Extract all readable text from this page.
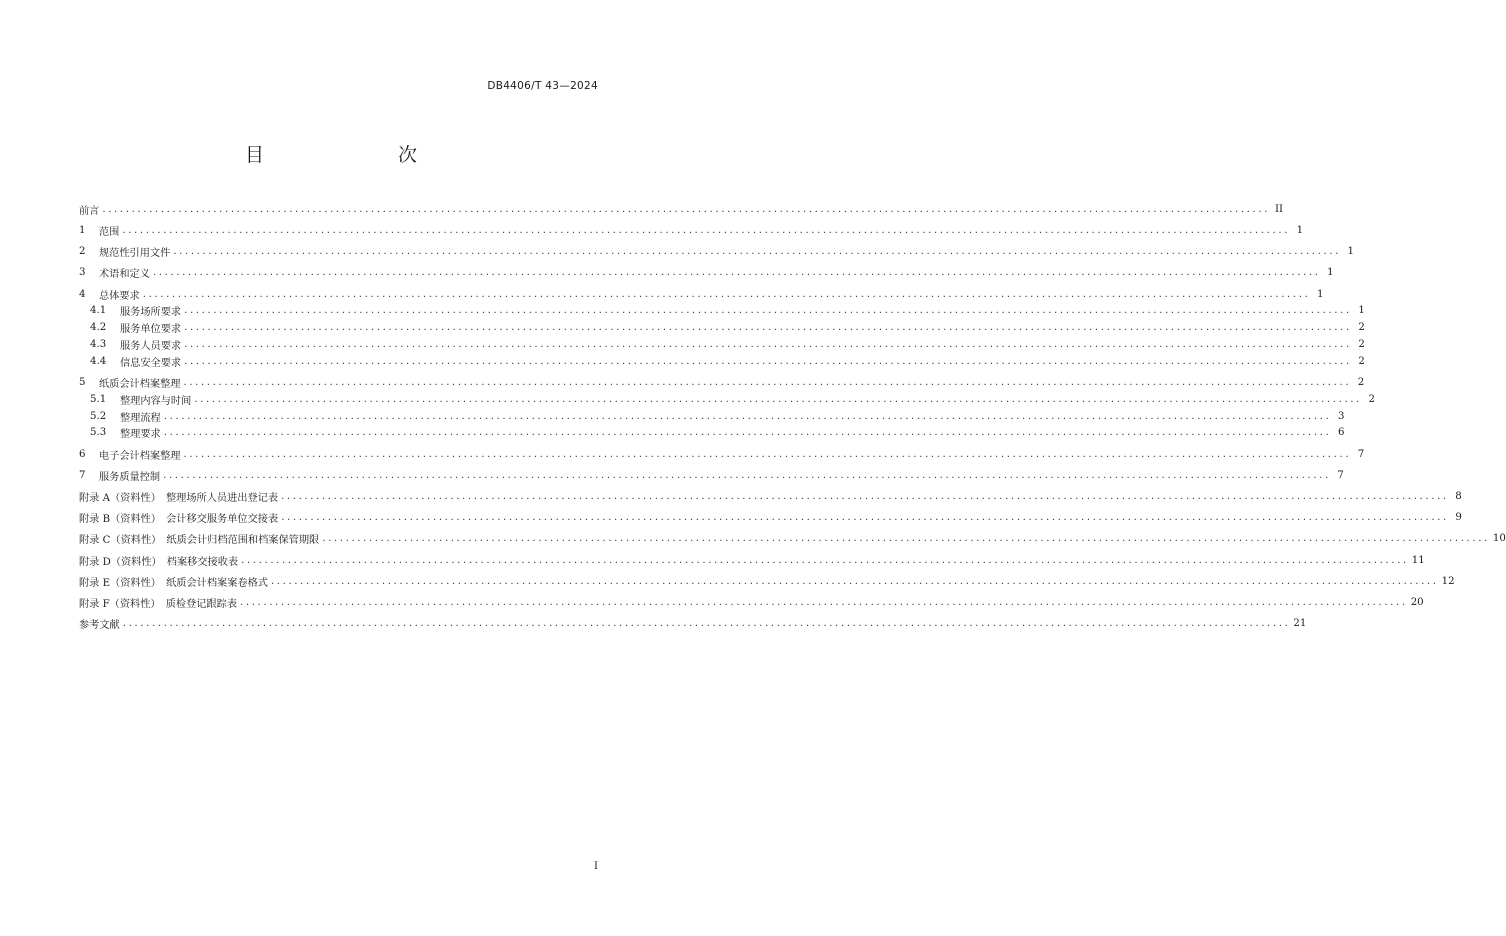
DB4406/T 43—2024
目　　次
前言 ........................................................................................................................................................................................................ II
1	范围 ........................................................................................................................................................................................................ 1
2	规范性引用文件 ........................................................................................................................................................................................................ 1
3	术语和定义 ........................................................................................................................................................................................................ 1
4	总体要求 ........................................................................................................................................................................................................ 1
4.1	服务场所要求 ........................................................................................................................................................................................................ 1
4.2	服务单位要求 ........................................................................................................................................................................................................ 2
4.3	服务人员要求 ........................................................................................................................................................................................................ 2
4.4	信息安全要求 ........................................................................................................................................................................................................ 2
5	纸质会计档案整理 ........................................................................................................................................................................................................ 2
5.1	整理内容与时间 ........................................................................................................................................................................................................ 2
5.2	整理流程 ........................................................................................................................................................................................................ 3
5.3	整理要求 ........................................................................................................................................................................................................ 6
6	电子会计档案整理 ........................................................................................................................................................................................................ 7
7	服务质量控制 ........................................................................................................................................................................................................ 7
附录 A（资料性）　整理场所人员进出登记表 ........................................................................................................................................................................................................ 8
附录 B（资料性）　会计移交服务单位交接表 ........................................................................................................................................................................................................ 9
附录 C（资料性）　纸质会计归档范围和档案保管期限 ........................................................................................................................................................................................................ 10
附录 D（资料性）　档案移交接收表 ........................................................................................................................................................................................................ 11
附录 E（资料性）　纸质会计档案案卷格式 ........................................................................................................................................................................................................ 12
附录 F（资料性）　质检登记跟踪表 ........................................................................................................................................................................................................ 20
参考文献 ........................................................................................................................................................................................................ 21
I
